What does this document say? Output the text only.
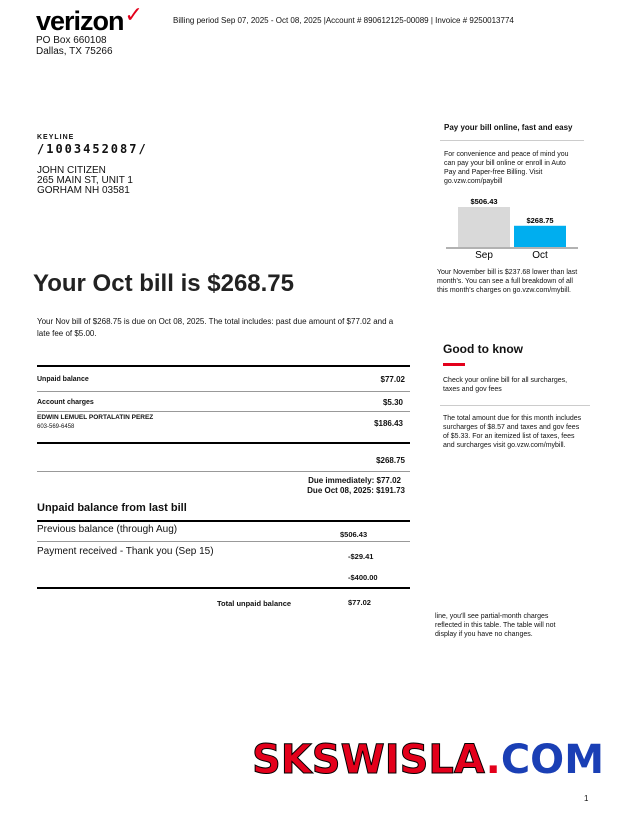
verizon✓	Billing period Sep 07, 2025 - Oct 08, 2025 |Account # 890612125-00089 | Invoice # 9250013774
PO Box 660108
Dallas, TX 75266
KEYLINE
/1003452087/
JOHN CITIZEN
265 MAIN ST, UNIT 1
GORHAM NH 03581
Your Oct bill is $268.75
Your Nov bill of $268.75 is due on Oct 08, 2025. The total includes: past due amount of $77.02 and a late fee of $5.00.
Unpaid balance	$77.02
Account charges	$5.30
EDWIN LEMUEL PORTALATIN PEREZ
603-569-6458	$186.43
$268.75
Due immediately: $77.02
Due Oct 08, 2025: $191.73
Unpaid balance from last bill
Previous balance (through Aug)	$506.43
Payment received - Thank you (Sep 15)	-$29.41
-$400.00
Total unpaid balance	$77.02
Pay your bill online, fast and easy
For convenience and peace of mind you can pay your bill online or enroll in Auto Pay and Paper-free Billing. Visit go.vzw.com/paybill
$506.43
Sep
$268.75
Oct
Your November bill is $237.68 lower than last month's. You can see a full breakdown of all this month's charges on go.vzw.com/mybill.
Good to know
Check your online bill for all surcharges, taxes and gov fees
The total amount due for this month includes surcharges of $8.57 and taxes and gov fees of $5.33. For an itemized list of taxes, fees and surcharges visit go.vzw.com/mybill.
line, you'll see partial-month charges reflected in this table. The table will not display if you have no changes.
SKSWISLA.COM
1
